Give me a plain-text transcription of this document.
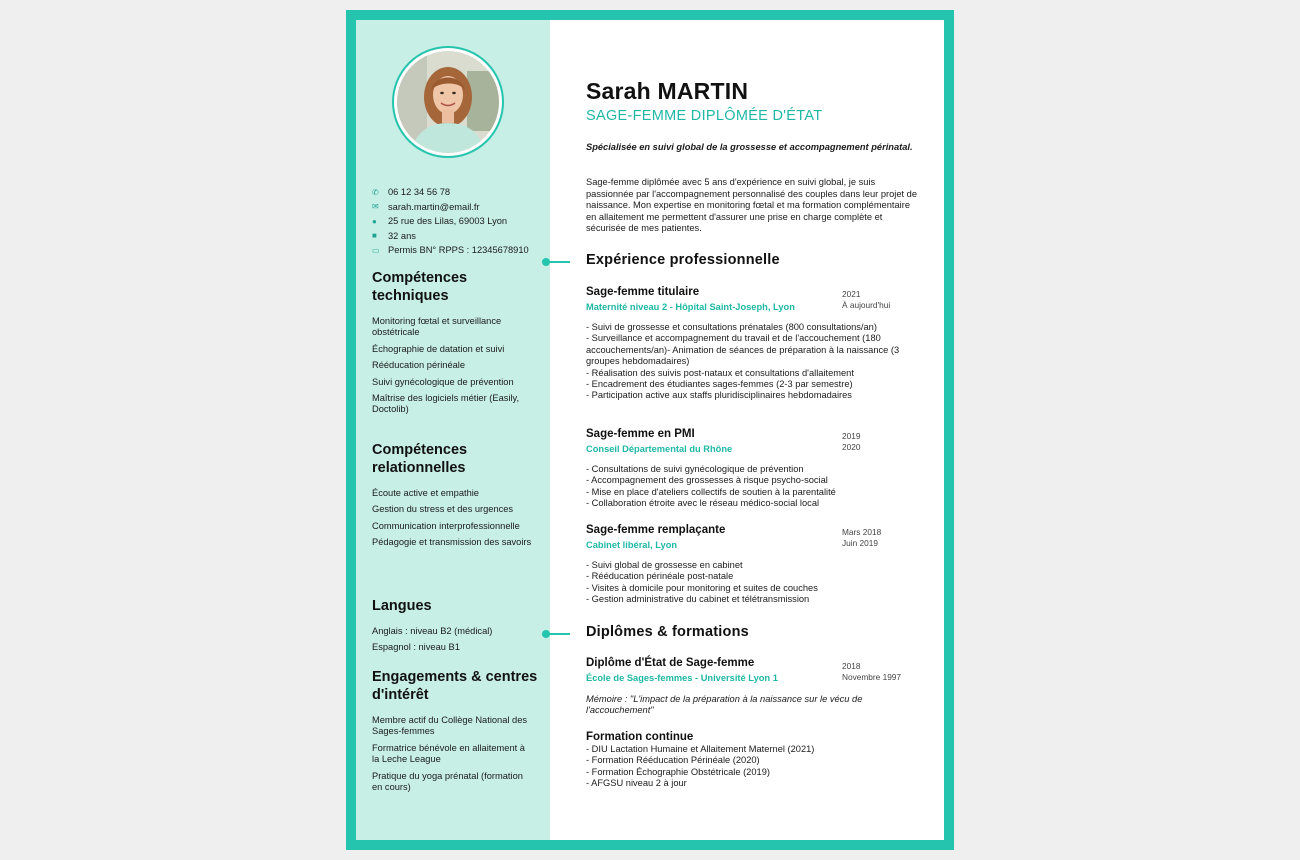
✆ 06 12 34 56 78
✉ sarah.martin@email.fr
●	25 rue des Lilas, 69003 Lyon
■	32 ans
▭ Permis BN° RPPS : 12345678910
Compétences techniques
Monitoring fœtal et surveillance obstétricale
Échographie de datation et suivi
Rééducation périnéale
Suivi gynécologique de prévention
Maîtrise des logiciels métier (Easily, Doctolib)
Compétences relationnelles
Écoute active et empathie
Gestion du stress et des urgences
Communication interprofessionnelle
Pédagogie et transmission des savoirs
Langues
Anglais : niveau B2 (médical)
Espagnol : niveau B1
Engagements & centres d'intérêt
Membre actif du Collège National des Sages-femmes
Formatrice bénévole en allaitement à la Leche League
Pratique du yoga prénatal (formation en cours)
Sarah MARTIN
SAGE-FEMME DIPLÔMÉE D'ÉTAT
Spécialisée en suivi global de la grossesse et accompagnement périnatal.
Sage-femme diplômée avec 5 ans d'expérience en suivi global, je suis passionnée par l'accompagnement personnalisé des couples dans leur projet de naissance. Mon expertise en monitoring fœtal et ma formation complémentaire en allaitement me permettent d'assurer une prise en charge complète et sécurisée de mes patientes.
Expérience professionnelle
Sage-femme titulaire
Maternité niveau 2 - Hôpital Saint-Joseph, Lyon
2021
À aujourd'hui
- Suivi de grossesse et consultations prénatales (800 consultations/an)
- Surveillance et accompagnement du travail et de l'accouchement (180 accouchements/an)- Animation de séances de préparation à la naissance (3 groupes hebdomadaires)
- Réalisation des suivis post-nataux et consultations d'allaitement
- Encadrement des étudiantes sages-femmes (2-3 par semestre)
- Participation active aux staffs pluridisciplinaires hebdomadaires
Sage-femme en PMI
Conseil Départemental du Rhône
2019
2020
- Consultations de suivi gynécologique de prévention
- Accompagnement des grossesses à risque psycho-social
- Mise en place d'ateliers collectifs de soutien à la parentalité
- Collaboration étroite avec le réseau médico-social local
Sage-femme remplaçante
Cabinet libéral, Lyon
Mars 2018
Juin 2019
- Suivi global de grossesse en cabinet
- Rééducation périnéale post-natale
- Visites à domicile pour monitoring et suites de couches
- Gestion administrative du cabinet et télétransmission
Diplômes & formations
Diplôme d'État de Sage-femme
École de Sages-femmes - Université Lyon 1
2018
Novembre 1997
Mémoire : "L'impact de la préparation à la naissance sur le vécu de l'accouchement"
Formation continue
- DIU Lactation Humaine et Allaitement Maternel (2021)
- Formation Rééducation Périnéale (2020)
- Formation Échographie Obstétricale (2019)
- AFGSU niveau 2 à jour
